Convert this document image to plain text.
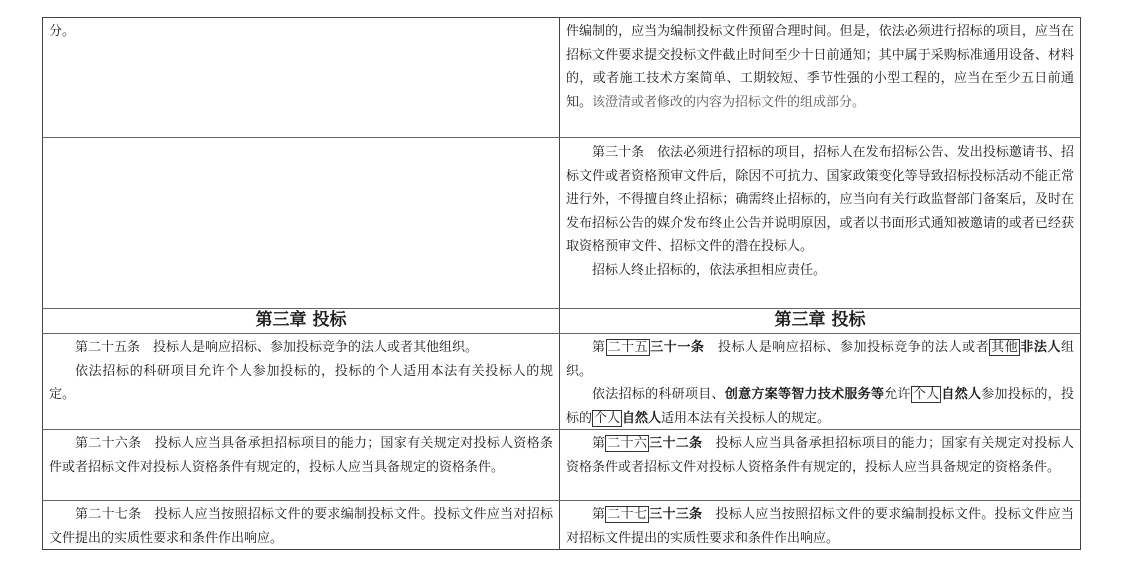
分。	件编制的，应当为编制投标文件预留合理时间。但是，依法必须进行招标的项目，应当在招标文件要求提交投标文件截止时间至少十日前通知；其中属于采购标准通用设备、材料的，或者施工技术方案简单、工期较短、季节性强的小型工程的，应当在至少五日前通知。该澄清或者修改的内容为招标文件的组成部分。

第三十条　依法必须进行招标的项目，招标人在发布招标公告、发出投标邀请书、招标文件或者资格预审文件后，除因不可抗力、国家政策变化等导致招标投标活动不能正常进行外，不得擅自终止招标；确需终止招标的，应当向有关行政监督部门备案后，及时在发布招标公告的媒介发布终止公告并说明原因，或者以书面形式通知被邀请的或者已经获取资格预审文件、招标文件的潜在投标人。

招标人终止招标的，依法承担相应责任。

第三章 投标	第三章 投标

第二十五条　投标人是响应招标、参加投标竞争的法人或者其他组织。

依法招标的科研项目允许个人参加投标的，投标的个人适用本法有关投标人的规定。

第 二十五 三十一条　投标人是响应招标、参加投标竞争的法人或者 其他 非法人组织。

依法招标的科研项目、创意方案等智力技术服务等允许 个人 自然人参加投标的，投标的 个人 自然人适用本法有关投标人的规定。

第二十六条　投标人应当具备承担招标项目的能力；国家有关规定对投标人资格条件或者招标文件对投标人资格条件有规定的，投标人应当具备规定的资格条件。

第 二十六 三十二条　投标人应当具备承担招标项目的能力；国家有关规定对投标人资格条件或者招标文件对投标人资格条件有规定的，投标人应当具备规定的资格条件。

第二十七条　投标人应当按照招标文件的要求编制投标文件。投标文件应当对招标文件提出的实质性要求和条件作出响应。

第 二十七 三十三条　投标人应当按照招标文件的要求编制投标文件。投标文件应当对招标文件提出的实质性要求和条件作出响应。
